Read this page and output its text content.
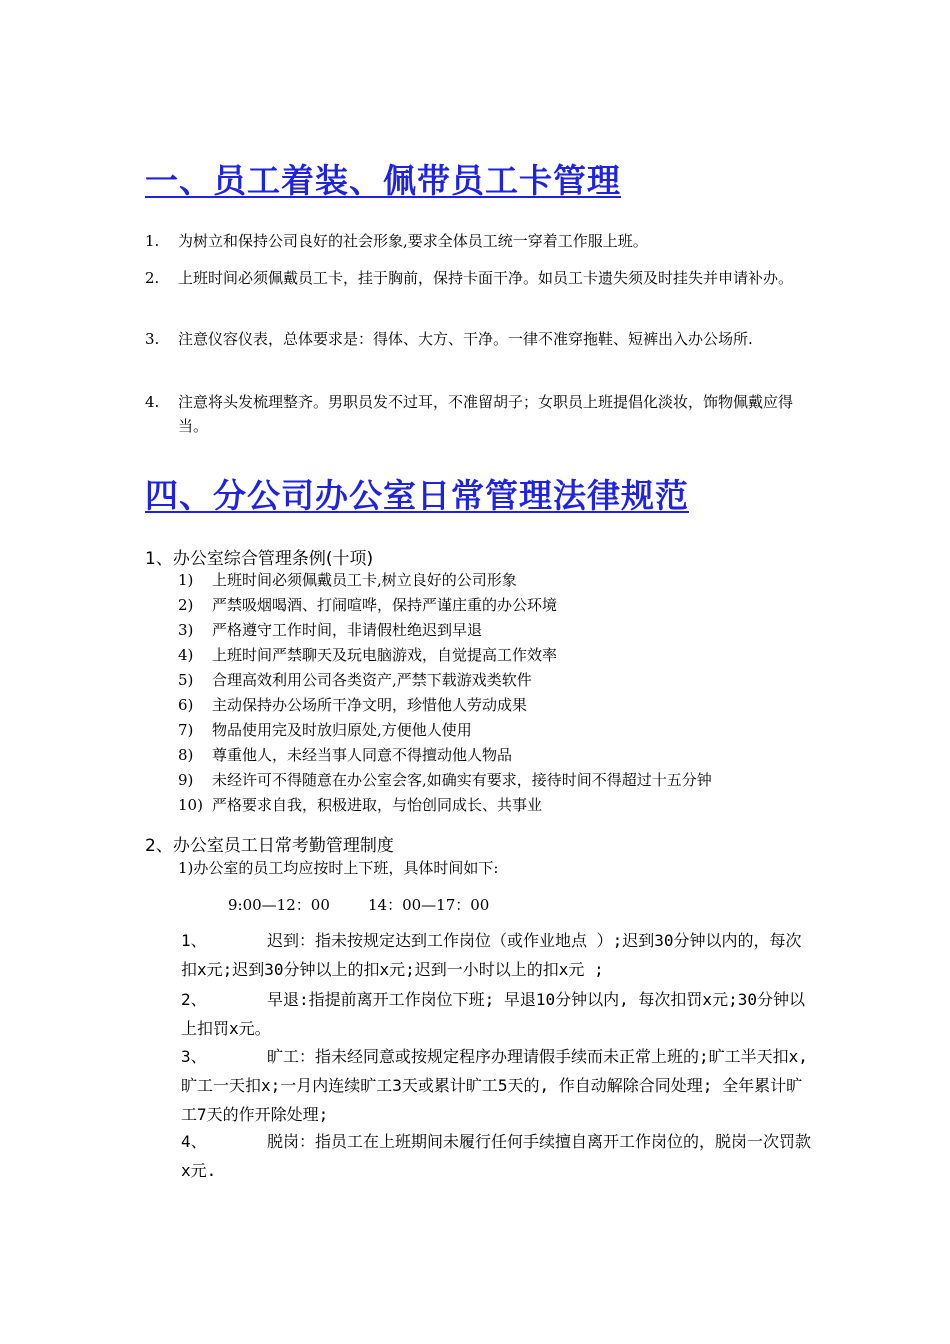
一、员工着装、佩带员工卡管理
1. 为树立和保持公司良好的社会形象,要求全体员工统一穿着工作服上班。
2. 上班时间必须佩戴员工卡，挂于胸前，保持卡面干净。如员工卡遗失须及时挂失并申请补办。
3. 注意仪容仪表，总体要求是：得体、大方、干净。一律不准穿拖鞋、短裤出入办公场所.
4. 注意将头发梳理整齐。男职员发不过耳，不准留胡子；女职员上班提倡化淡妆，饰物佩戴应得当。
四、分公司办公室日常管理法律规范
1、办公室综合管理条例(十项)
1) 上班时间必须佩戴员工卡,树立良好的公司形象
2) 严禁吸烟喝酒、打闹喧哗，保持严谨庄重的办公环境
3) 严格遵守工作时间，非请假杜绝迟到早退
4) 上班时间严禁聊天及玩电脑游戏，自觉提高工作效率
5) 合理高效利用公司各类资产,严禁下载游戏类软件
6) 主动保持办公场所干净文明，珍惜他人劳动成果
7) 物品使用完及时放归原处,方便他人使用
8) 尊重他人，未经当事人同意不得擅动他人物品
9) 未经许可不得随意在办公室会客,如确实有要求，接待时间不得超过十五分钟
10) 严格要求自我，积极进取，与怡创同成长、共事业
2、办公室员工日常考勤管理制度
1)办公室的员工均应按时上下班，具体时间如下:
9:00—12：00        14：00—17：00
1、	迟到：指未按规定达到工作岗位（或作业地点 ）;迟到30分钟以内的，每次扣x元;迟到30分钟以上的扣x元;迟到一小时以上的扣x元 ;
2、	早退:指提前离开工作岗位下班; 早退10分钟以内, 每次扣罚x元;30分钟以上扣罚x元。
3、	旷工：指未经同意或按规定程序办理请假手续而未正常上班的;旷工半天扣x, 旷工一天扣x;一月内连续旷工3天或累计旷工5天的, 作自动解除合同处理; 全年累计旷工7天的作开除处理;
4、	脱岗：指员工在上班期间未履行任何手续擅自离开工作岗位的，脱岗一次罚款x元.
